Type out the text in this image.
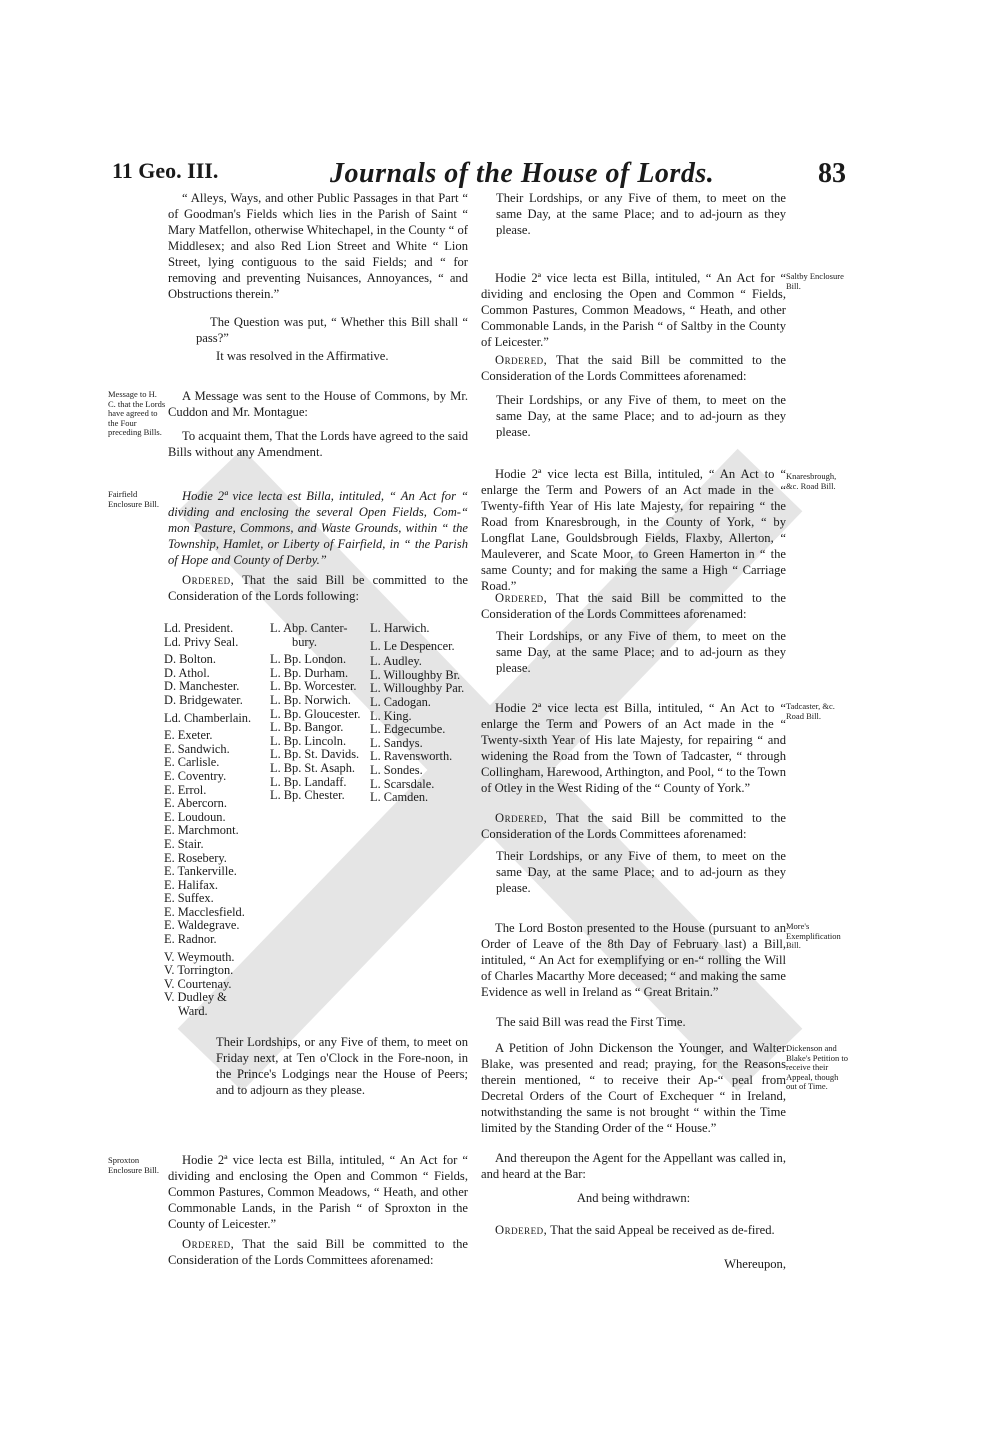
11 Geo. III.	Journals of the House of Lords.	83
Message to H. C. that the Lords have agreed to the Four preceding Bills.
Fairfield Enclosure Bill.
Sproxton Enclosure Bill.
Saltby Enclosure Bill.
Knaresbrough, &c. Road Bill.
Tadcaster, &c. Road Bill.
More's Exemplification Bill.
Dickenson and Blake's Petition to receive their Appeal, though out of Time.

“ Alleys, Ways, and other Public Passages in that Part “ of Goodman's Fields which lies in the Parish of Saint “ Mary Matfellon, otherwise Whitechapel, in the County “ of Middlesex; and also Red Lion Street and White “ Lion Street, lying contiguous to the said Fields; and “ for removing and preventing Nuisances, Annoyances, “ and Obstructions therein.”

The Question was put, “ Whether this Bill shall “ pass?”

It was resolved in the Affirmative.

A Message was sent to the House of Commons, by Mr. Cuddon and Mr. Montague:

To acquaint them, That the Lords have agreed to the said Bills without any Amendment.

Hodie 2ª vice lecta est Billa, intituled, “ An Act for “ dividing and enclosing the several Open Fields, Com-“ mon Pasture, Commons, and Waste Grounds, within “ the Township, Hamlet, or Liberty of Fairfield, in “ the Parish of Hope and County of Derby.”

Ordered, That the said Bill be committed to the Consideration of the Lords following:

Ld. President.
Ld. Privy Seal.
D. Bolton.
D. Athol.
D. Manchester.
D. Bridgewater.
Ld. Chamberlain.
E. Exeter.
E. Sandwich.
E. Carlisle.
E. Coventry.
E. Errol.
E. Abercorn.
E. Loudoun.
E. Marchmont.
E. Stair.
E. Rosebery.
E. Tankerville.
E. Halifax.
E. Suffex.
E. Macclesfield.
E. Waldegrave.
E. Radnor.
V. Weymouth.
V. Torrington.
V. Courtenay.
V. Dudley &
Ward.
L. Abp. Canter-
bury.
L. Bp. London.
L. Bp. Durham.
L. Bp. Worcester.
L. Bp. Norwich.
L. Bp. Gloucester.
L. Bp. Bangor.
L. Bp. Lincoln.
L. Bp. St. Davids.
L. Bp. St. Asaph.
L. Bp. Landaff.
L. Bp. Chester.
L. Harwich.
L. Le Despencer.
L. Audley.
L. Willoughby Br.
L. Willoughby Par.
L. Cadogan.
L. King.
L. Edgecumbe.
L. Sandys.
L. Ravensworth.
L. Sondes.
L. Scarsdale.
L. Camden.

Their Lordships, or any Five of them, to meet on Friday next, at Ten o'Clock in the Fore-noon, in the Prince's Lodgings near the House of Peers; and to adjourn as they please.

Hodie 2ª vice lecta est Billa, intituled, “ An Act for “ dividing and enclosing the Open and Common “ Fields, Common Pastures, Common Meadows, “ Heath, and other Commonable Lands, in the Parish “ of Sproxton in the County of Leicester.”

Ordered, That the said Bill be committed to the Consideration of the Lords Committees aforenamed:

Their Lordships, or any Five of them, to meet on the same Day, at the same Place; and to ad-journ as they please.

Hodie 2ª vice lecta est Billa, intituled, “ An Act for “ dividing and enclosing the Open and Common “ Fields, Common Pastures, Common Meadows, “ Heath, and other Commonable Lands, in the Parish “ of Saltby in the County of Leicester.”

Ordered, That the said Bill be committed to the Consideration of the Lords Committees aforenamed:

Their Lordships, or any Five of them, to meet on the same Day, at the same Place; and to ad-journ as they please.

Hodie 2ª vice lecta est Billa, intituled, “ An Act to “ enlarge the Term and Powers of an Act made in the “ Twenty-fifth Year of His late Majesty, for repairing “ the Road from Knaresbrough, in the County of York, “ by Longflat Lane, Gouldsbrough Fields, Flaxby, Allerton, “ Mauleverer, and Scate Moor, to Green Hamerton in “ the same County; and for making the same a High “ Carriage Road.”

Ordered, That the said Bill be committed to the Consideration of the Lords Committees aforenamed:

Their Lordships, or any Five of them, to meet on the same Day, at the same Place; and to ad-journ as they please.

Hodie 2ª vice lecta est Billa, intituled, “ An Act to “ enlarge the Term and Powers of an Act made in the “ Twenty-sixth Year of His late Majesty, for repairing “ and widening the Road from the Town of Tadcaster, “ through Collingham, Harewood, Arthington, and Pool, “ to the Town of Otley in the West Riding of the “ County of York.”

Ordered, That the said Bill be committed to the Consideration of the Lords Committees aforenamed:

Their Lordships, or any Five of them, to meet on the same Day, at the same Place; and to ad-journ as they please.

The Lord Boston presented to the House (pursuant to an Order of Leave of the 8th Day of February last) a Bill, intituled, “ An Act for exemplifying or en-“ rolling the Will of Charles Macarthy More deceased; “ and making the same Evidence as well in Ireland as “ Great Britain.”

The said Bill was read the First Time.

A Petition of John Dickenson the Younger, and Walter Blake, was presented and read; praying, for the Reasons therein mentioned, “ to receive their Ap-“ peal from Decretal Orders of the Court of Exchequer “ in Ireland, notwithstanding the same is not brought “ within the Time limited by the Standing Order of the “ House.”

And thereupon the Agent for the Appellant was called in, and heard at the Bar:

And being withdrawn:

Ordered, That the said Appeal be received as de-fired.

Whereupon,
